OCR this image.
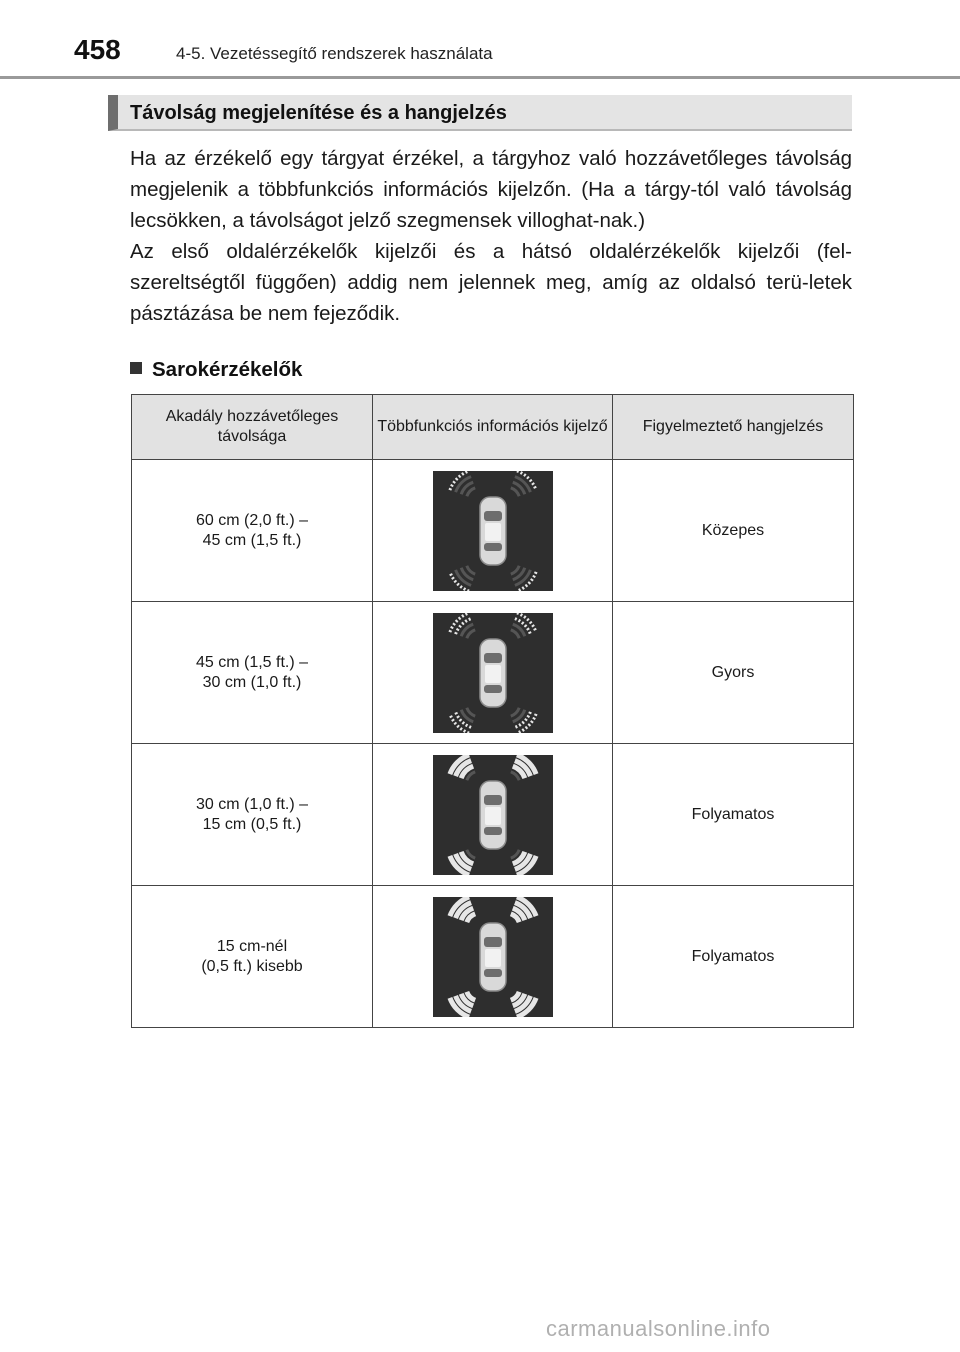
458	4-5. Vezetéssegítő rendszerek használata
Távolság megjelenítése és a hangjelzés

Ha az érzékelő egy tárgyat érzékel, a tárgyhoz való hozzávetőleges távolság megjelenik a többfunkciós információs kijelzőn. (Ha a tárgy-tól való távolság lecsökken, a távolságot jelző szegmensek villoghat-nak.)

Az első oldalérzékelők kijelzői és a hátsó oldalérzékelők kijelzői (fel-szereltségtől függően) addig nem jelennek meg, amíg az oldalsó terü-letek pásztázása be nem fejeződik.

Sarokérzékelők
Akadály hozzávetőleges távolsága	Többfunkciós információs kijelző	Figyelmeztető hangjelzés

60 cm (2,0 ft.) –
45 cm (1,5 ft.)		Közepes

45 cm (1,5 ft.) –
30 cm (1,0 ft.)		Gyors

30 cm (1,0 ft.) –
15 cm (0,5 ft.)		Folyamatos

15 cm-nél
(0,5 ft.) kisebb		Folyamatos
carmanualsonline.info
